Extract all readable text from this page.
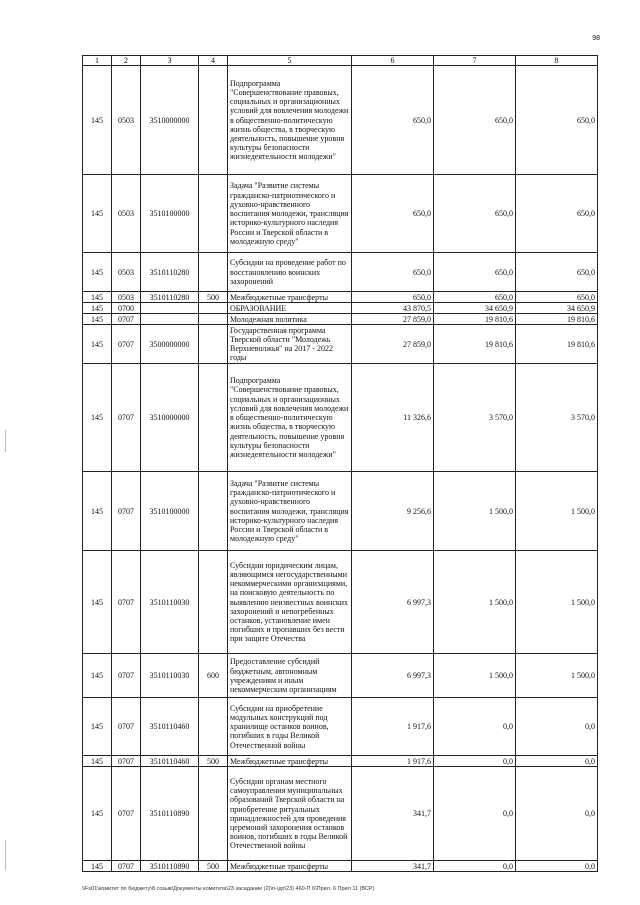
98
1	2	3	4	5	6	7	8
145	0503	3510000000		Подпрограмма "Совершенствование правовых, социальных и организационных условий для вовлечения молодежи в общественно-политическую жизнь общества, в творческую деятельность, повышение уровня культуры безопасности жизнедеятельности молодежи"	650,0	650,0	650,0
145	0503	3510100000		Задача "Развитие системы гражданско-патриотического и духовно-нравственного воспитания молодежи, трансляция историко-культурного наследия России и Тверской области в молодежную среду"	650,0	650,0	650,0
145	0503	3510110280		Субсидии на проведение работ по восстановлению воинских захоронений	650,0	650,0	650,0
145	0503	3510110280	500	Межбюджетные трансферты	650,0	650,0	650,0
145	0700			ОБРАЗОВАНИЕ	43 870,5	34 650,9	34 650,9
145	0707			Молодежная политика	27 859,0	19 810,6	19 810,6
145	0707	3500000000		Государственная программа Тверской области "Молодежь Верхневолжья" на 2017 - 2022 годы	27 859,0	19 810,6	19 810,6
145	0707	3510000000		Подпрограмма "Совершенствование правовых, социальных и организационных условий для вовлечения молодежи в общественно-политическую жизнь общества, в творческую деятельность, повышение уровня культуры безопасности жизнедеятельности молодежи"	11 326,6	3 570,0	3 570,0
145	0707	3510100000		Задача "Развитие системы гражданско-патриотического и духовно-нравственного воспитания молодежи, трансляция историко-культурного наследия России и Тверской области в молодежную среду"	9 256,6	1 500,0	1 500,0
145	0707	3510110030		Субсидии юридическим лицам, являющимся негосударственными некоммерческими организациями, на поисковую деятельность по выявлению неизвестных воинских захоронений и непогребенных останков, установление имен погибших и пропавших без вести при защите Отечества	6 997,3	1 500,0	1 500,0
145	0707	3510110030	600	Предоставление субсидий бюджетным, автономным учреждениям и иным некоммерческим организациям	6 997,3	1 500,0	1 500,0
145	0707	3510110460		Субсидии на приобретение модульных конструкций под хранилище останков воинов, погибших в годы Великой Отечественной войны	1 917,6	0,0	0,0
145	0707	3510110460	500	Межбюджетные трансферты	1 917,6	0,0	0,0
145	0707	3510110890		Субсидии органам местного самоуправления муниципальных образований Тверской области на приобретение ритуальных принадлежностей для проведения церемоний захоронения останков воинов, погибших в годы Великой Отечественной войны	341,7	0,0	0,0
145	0707	3510110890	500	Межбюджетные трансферты	341,7	0,0	0,0
\\Fs01\комитет по бюджету\8 созыв\Документы комитета\23 заседание (2)\п-\дп\23) 460-П 6\Прил. 6 Прил 11 (ВСР)
